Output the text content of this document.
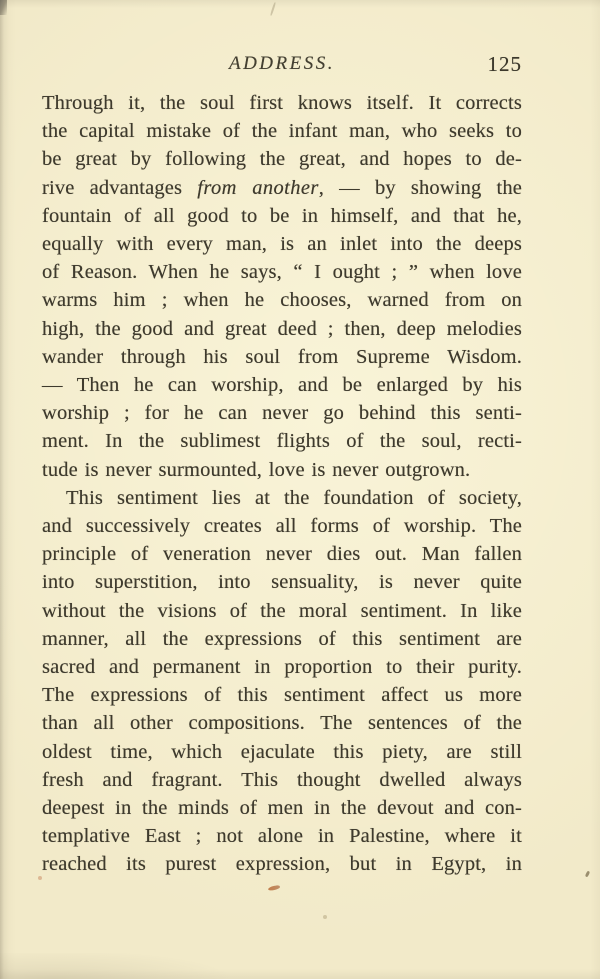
ADDRESS.	125
Through it, the soul first knows itself. It corrects
the capital mistake of the infant man, who seeks to
be great by following the great, and hopes to de-
rive advantages from another, — by showing the
fountain of all good to be in himself, and that he,
equally with every man, is an inlet into the deeps
of Reason. When he says, “ I ought ; ” when love
warms him ; when he chooses, warned from on
high, the good and great deed ; then, deep melodies
wander through his soul from Supreme Wisdom.
— Then he can worship, and be enlarged by his
worship ; for he can never go behind this senti-
ment. In the sublimest flights of the soul, recti-
tude is never surmounted, love is never outgrown.
This sentiment lies at the foundation of society,
and successively creates all forms of worship. The
principle of veneration never dies out. Man fallen
into superstition, into sensuality, is never quite
without the visions of the moral sentiment. In like
manner, all the expressions of this sentiment are
sacred and permanent in proportion to their purity.
The expressions of this sentiment affect us more
than all other compositions. The sentences of the
oldest time, which ejaculate this piety, are still
fresh and fragrant. This thought dwelled always
deepest in the minds of men in the devout and con-
templative East ; not alone in Palestine, where it
reached its purest expression, but in Egypt, in
